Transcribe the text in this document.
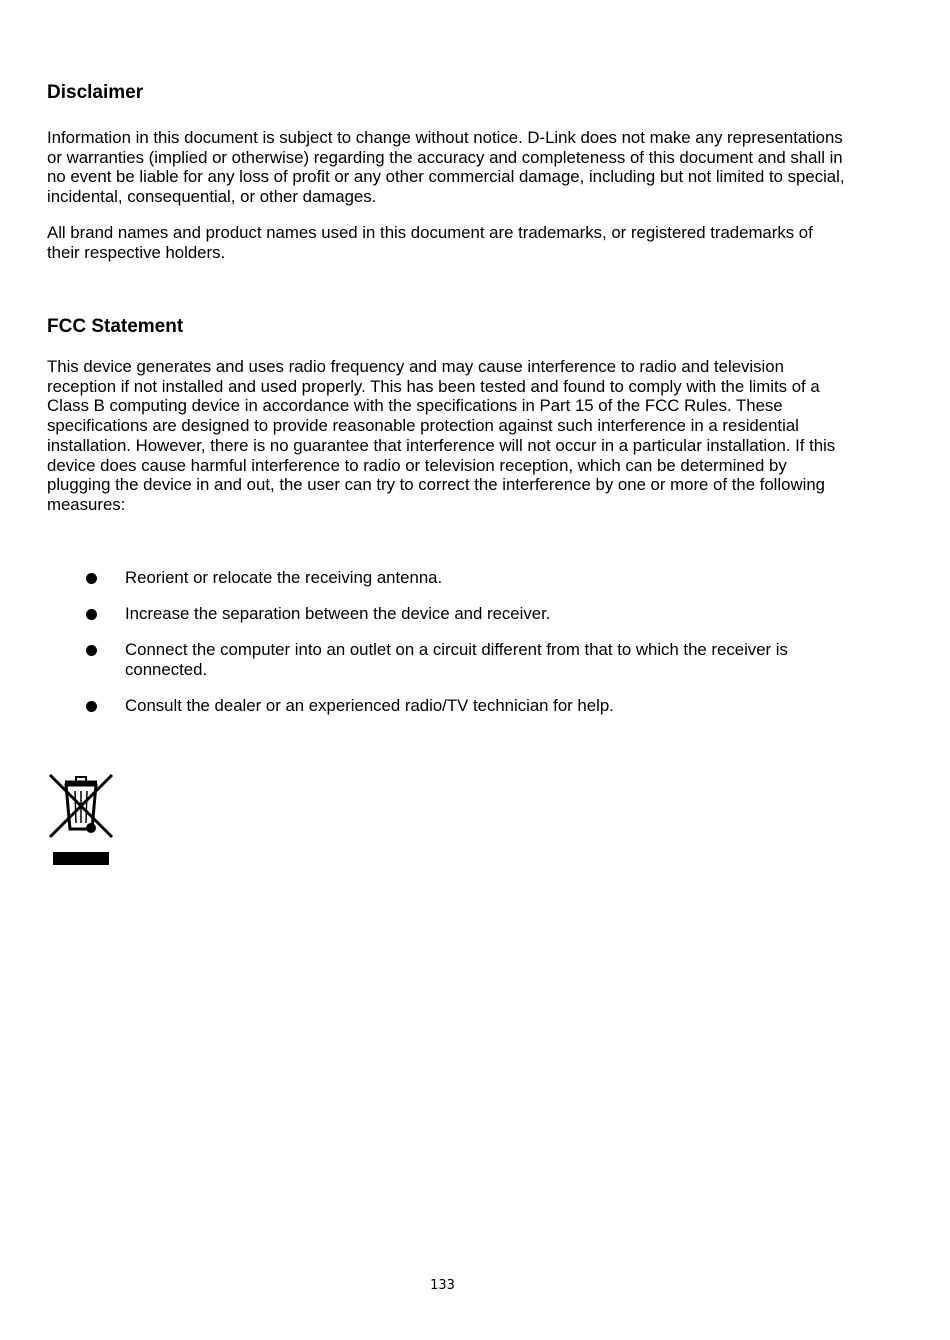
Disclaimer

Information in this document is subject to change without notice. D-Link does not make any representations or warranties (implied or otherwise) regarding the accuracy and completeness of this document and shall in no event be liable for any loss of profit or any other commercial damage, including but not limited to special, incidental, consequential, or other damages.

All brand names and product names used in this document are trademarks, or registered trademarks of their respective holders.

FCC Statement

This device generates and uses radio frequency and may cause interference to radio and television reception if not installed and used properly. This has been tested and found to comply with the limits of a Class B computing device in accordance with the specifications in Part 15 of the FCC Rules. These specifications are designed to provide reasonable protection against such interference in a residential installation. However, there is no guarantee that interference will not occur in a particular installation. If this device does cause harmful interference to radio or television reception, which can be determined by plugging the device in and out, the user can try to correct the interference by one or more of the following measures:

Reorient or relocate the receiving antenna.
Increase the separation between the device and receiver.
Connect the computer into an outlet on a circuit different from that to which the receiver is connected.
Consult the dealer or an experienced radio/TV technician for help.
133
